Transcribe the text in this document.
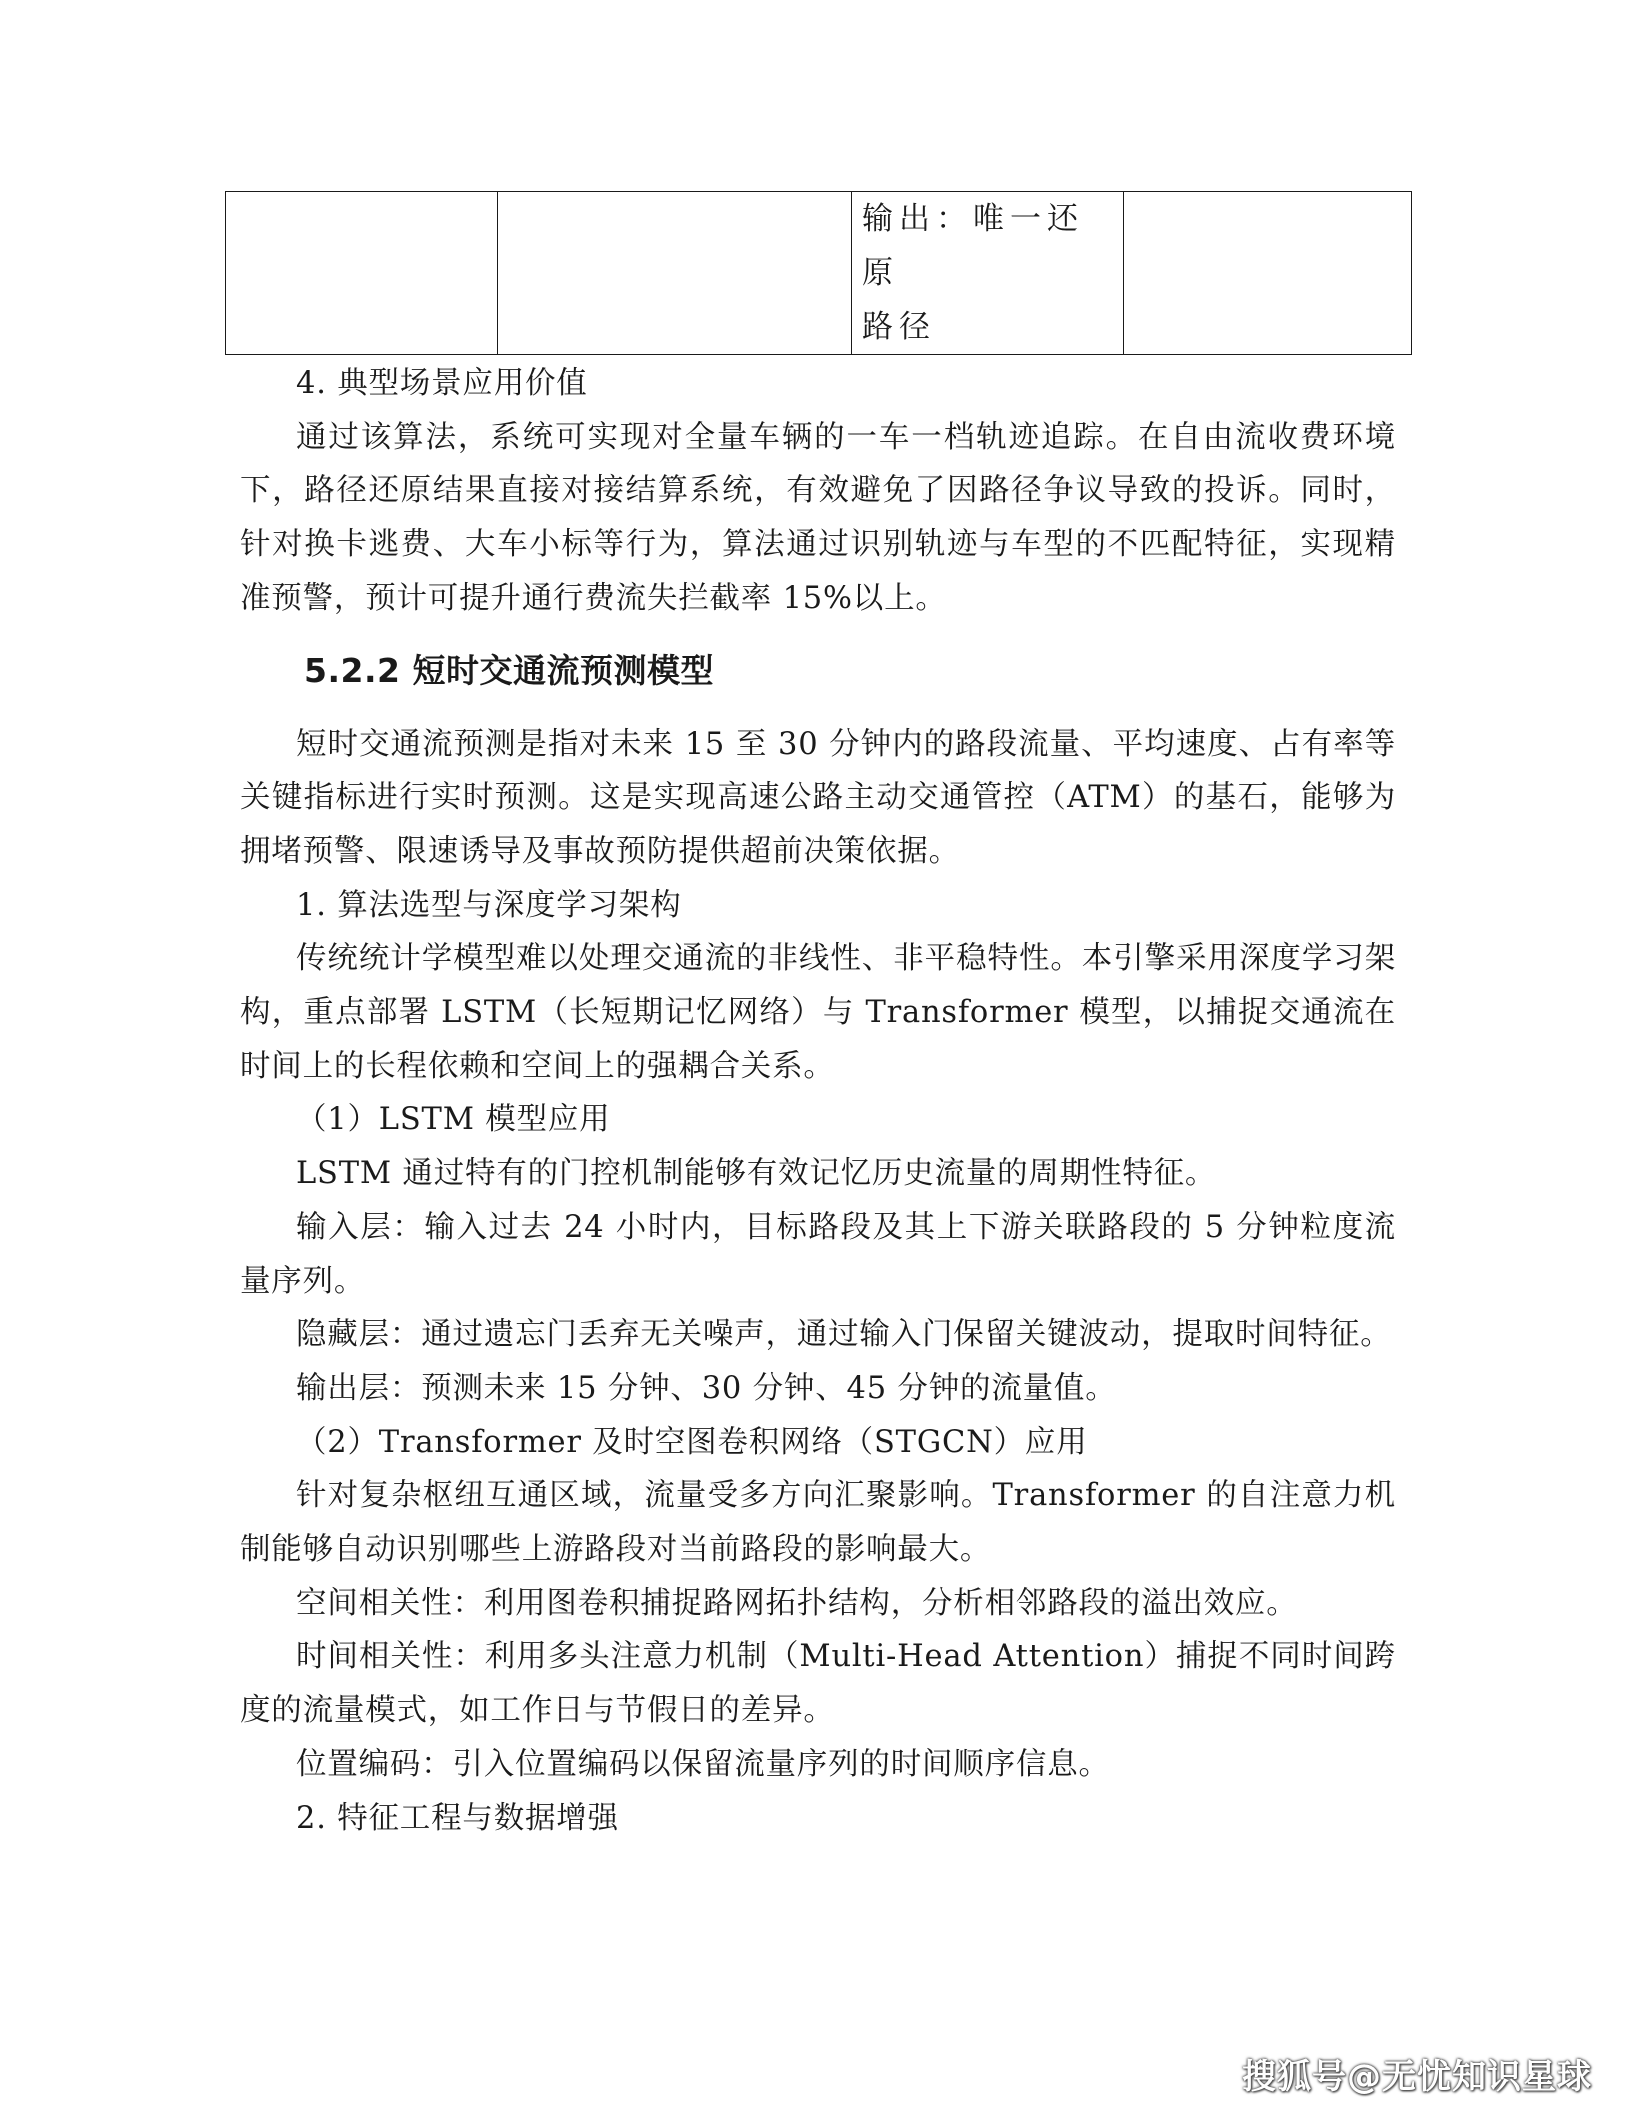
输出：唯一还原
路径

4. 典型场景应用价值

通过该算法，系统可实现对全量车辆的一车一档轨迹追踪。在自由流收费环境下，路径还原结果直接对接结算系统，有效避免了因路径争议导致的投诉。同时，针对换卡逃费、大车小标等行为，算法通过识别轨迹与车型的不匹配特征，实现精准预警，预计可提升通行费流失拦截率 15%以上。

5.2.2 短时交通流预测模型

短时交通流预测是指对未来 15 至 30 分钟内的路段流量、平均速度、占有率等关键指标进行实时预测。这是实现高速公路主动交通管控（ATM）的基石，能够为拥堵预警、限速诱导及事故预防提供超前决策依据。

1. 算法选型与深度学习架构

传统统计学模型难以处理交通流的非线性、非平稳特性。本引擎采用深度学习架构，重点部署 LSTM（长短期记忆网络）与 Transformer 模型，以捕捉交通流在时间上的长程依赖和空间上的强耦合关系。

（1）LSTM 模型应用

LSTM 通过特有的门控机制能够有效记忆历史流量的周期性特征。

输入层：输入过去 24 小时内，目标路段及其上下游关联路段的 5 分钟粒度流量序列。

隐藏层：通过遗忘门丢弃无关噪声，通过输入门保留关键波动，提取时间特征。

输出层：预测未来 15 分钟、30 分钟、45 分钟的流量值。

（2）Transformer 及时空图卷积网络（STGCN）应用

针对复杂枢纽互通区域，流量受多方向汇聚影响。Transformer 的自注意力机制能够自动识别哪些上游路段对当前路段的影响最大。

空间相关性：利用图卷积捕捉路网拓扑结构，分析相邻路段的溢出效应。

时间相关性：利用多头注意力机制（Multi-Head Attention）捕捉不同时间跨度的流量模式，如工作日与节假日的差异。

位置编码：引入位置编码以保留流量序列的时间顺序信息。

2. 特征工程与数据增强

搜狐号@无忧知识星球
